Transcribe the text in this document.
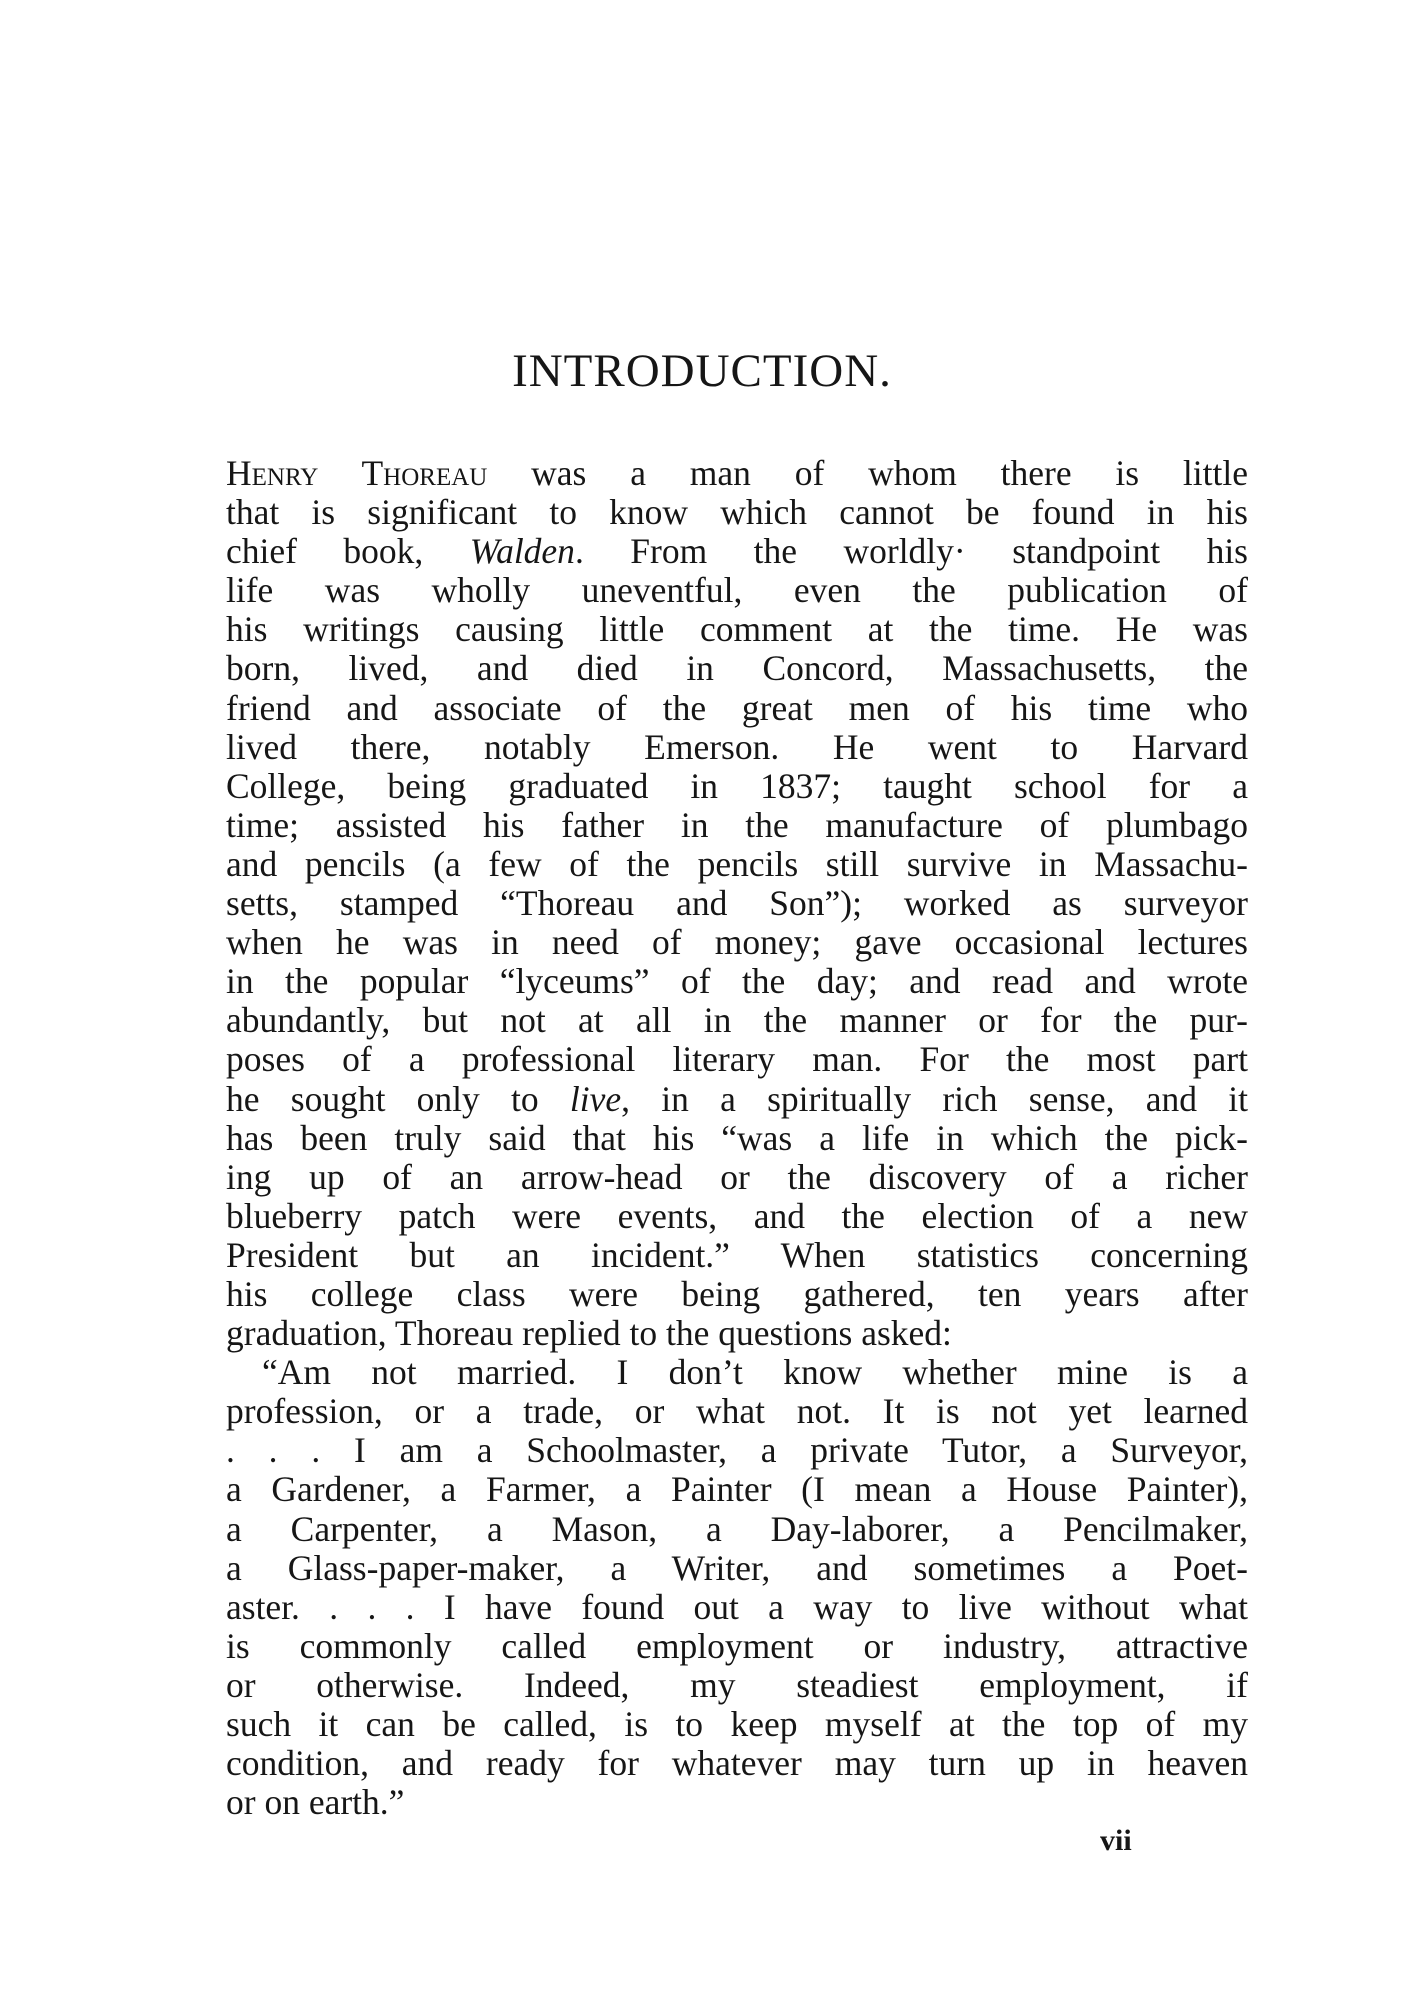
INTRODUCTION.
Henry Thoreau was a man of whom there is little
that is significant to know which cannot be found in his
chief book, Walden. From the worldly· standpoint his
life was wholly uneventful, even the publication of
his writings causing little comment at the time. He was
born, lived, and died in Concord, Massachusetts, the
friend and associate of the great men of his time who
lived there, notably Emerson. He went to Harvard
College, being graduated in 1837; taught school for a
time; assisted his father in the manufacture of plumbago
and pencils (a few of the pencils still survive in Massachu-
setts, stamped “Thoreau and Son”); worked as surveyor
when he was in need of money; gave occasional lectures
in the popular “lyceums” of the day; and read and wrote
abundantly, but not at all in the manner or for the pur-
poses of a professional literary man. For the most part
he sought only to live, in a spiritually rich sense, and it
has been truly said that his “was a life in which the pick-
ing up of an arrow-head or the discovery of a richer
blueberry patch were events, and the election of a new
President but an incident.” When statistics concerning
his college class were being gathered, ten years after
graduation, Thoreau replied to the questions asked:
“Am not married. I don’t know whether mine is a
profession, or a trade, or what not. It is not yet learned
. . . I am a Schoolmaster, a private Tutor, a Surveyor,
a Gardener, a Farmer, a Painter (I mean a House Painter),
a Carpenter, a Mason, a Day-laborer, a Pencilmaker,
a Glass-paper-maker, a Writer, and sometimes a Poet-
aster. . . . I have found out a way to live without what
is commonly called employment or industry, attractive
or otherwise. Indeed, my steadiest employment, if
such it can be called, is to keep myself at the top of my
condition, and ready for whatever may turn up in heaven
or on earth.”
vii
